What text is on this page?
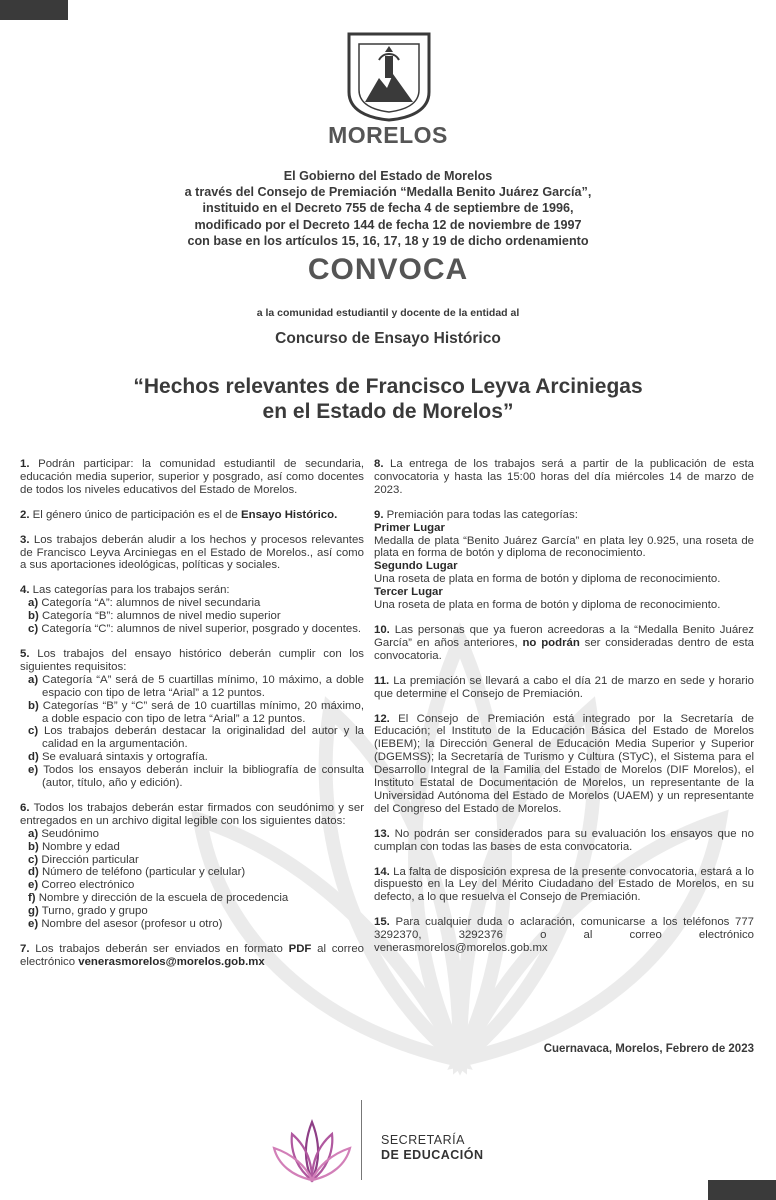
MORELOS
El Gobierno del Estado de Morelos
a través del Consejo de Premiación “Medalla Benito Juárez García”,
instituido en el Decreto 755 de fecha 4 de septiembre de 1996,
modificado por el Decreto 144 de fecha 12 de noviembre de 1997
con base en los artículos 15, 16, 17, 18 y 19 de dicho ordenamiento
CONVOCA
a la comunidad estudiantil y docente de la entidad al
Concurso de Ensayo Histórico
“Hechos relevantes de Francisco Leyva Arciniegas
en el Estado de Morelos”

1. Podrán participar: la comunidad estudiantil de secundaria, educación media superior, superior y posgrado, así como docentes de todos los niveles educativos del Estado de Morelos.

2. El género único de participación es el de Ensayo Histórico.

3. Los trabajos deberán aludir a los hechos y procesos relevantes de Francisco Leyva Arciniegas en el Estado de Morelos., así como a sus aportaciones ideológicas, políticas y sociales.

4. Las categorías para los trabajos serán:
a) Categoría “A”: alumnos de nivel secundaria
b) Categoría “B”: alumnos de nivel medio superior
c) Categoría “C”: alumnos de nivel superior, posgrado y docentes.

5. Los trabajos del ensayo histórico deberán cumplir con los siguientes requisitos:
a) Categoría “A” será de 5 cuartillas mínimo, 10 máximo, a doble espacio con tipo de letra “Arial” a 12 puntos.
b) Categorías “B” y “C” será de 10 cuartillas mínimo, 20 máximo, a doble espacio con tipo de letra “Arial” a 12 puntos.
c) Los trabajos deberán destacar la originalidad del autor y la calidad en la argumentación.
d) Se evaluará sintaxis y ortografía.
e) Todos los ensayos deberán incluir la bibliografía de consulta (autor, título, año y edición).

6. Todos los trabajos deberán estar firmados con seudónimo y ser entregados en un archivo digital legible con los siguientes datos:
a) Seudónimo
b) Nombre y edad
c) Dirección particular
d) Número de teléfono (particular y celular)
e) Correo electrónico
f) Nombre y dirección de la escuela de procedencia
g) Turno, grado y grupo
e) Nombre del asesor (profesor u otro)

7. Los trabajos deberán ser enviados en formato PDF al correo electrónico venerasmorelos@morelos.gob.mx

8. La entrega de los trabajos será a partir de la publicación de esta convocatoria y hasta las 15:00 horas del día miércoles 14 de marzo de 2023.

9. Premiación para todas las categorías:
Primer Lugar
Medalla de plata “Benito Juárez García” en plata ley 0.925, una roseta de plata en forma de botón y diploma de reconocimiento.
Segundo Lugar
Una roseta de plata en forma de botón y diploma de reconocimiento.
Tercer Lugar
Una roseta de plata en forma de botón y diploma de reconocimiento.

10. Las personas que ya fueron acreedoras a la “Medalla Benito Juárez García” en años anteriores, no podrán ser consideradas dentro de esta convocatoria.

11. La premiación se llevará a cabo el día 21 de marzo en sede y horario que determine el Consejo de Premiación.

12. El Consejo de Premiación está integrado por la Secretaría de Educación; el Instituto de la Educación Básica del Estado de Morelos (IEBEM); la Dirección General de Educación Media Superior y Superior (DGEMSS); la Secretaría de Turismo y Cultura (STyC), el Sistema para el Desarrollo Integral de la Familia del Estado de Morelos (DIF Morelos), el Instituto Estatal de Documentación de Morelos, un representante de la Universidad Autónoma del Estado de Morelos (UAEM) y un representante del Congreso del Estado de Morelos.

13. No podrán ser considerados para su evaluación los ensayos que no cumplan con todas las bases de esta convocatoria.

14. La falta de disposición expresa de la presente convocatoria, estará a lo dispuesto en la Ley del Mérito Ciudadano del Estado de Morelos, en su defecto, a lo que resuelva el Consejo de Premiación.

15. Para cualquier duda o aclaración, comunicarse a los teléfonos 777 3292370, 3292376 o al correo electrónico venerasmorelos@morelos.gob.mx

Cuernavaca, Morelos, Febrero de 2023
SECRETARÍA
DE EDUCACIÓN
